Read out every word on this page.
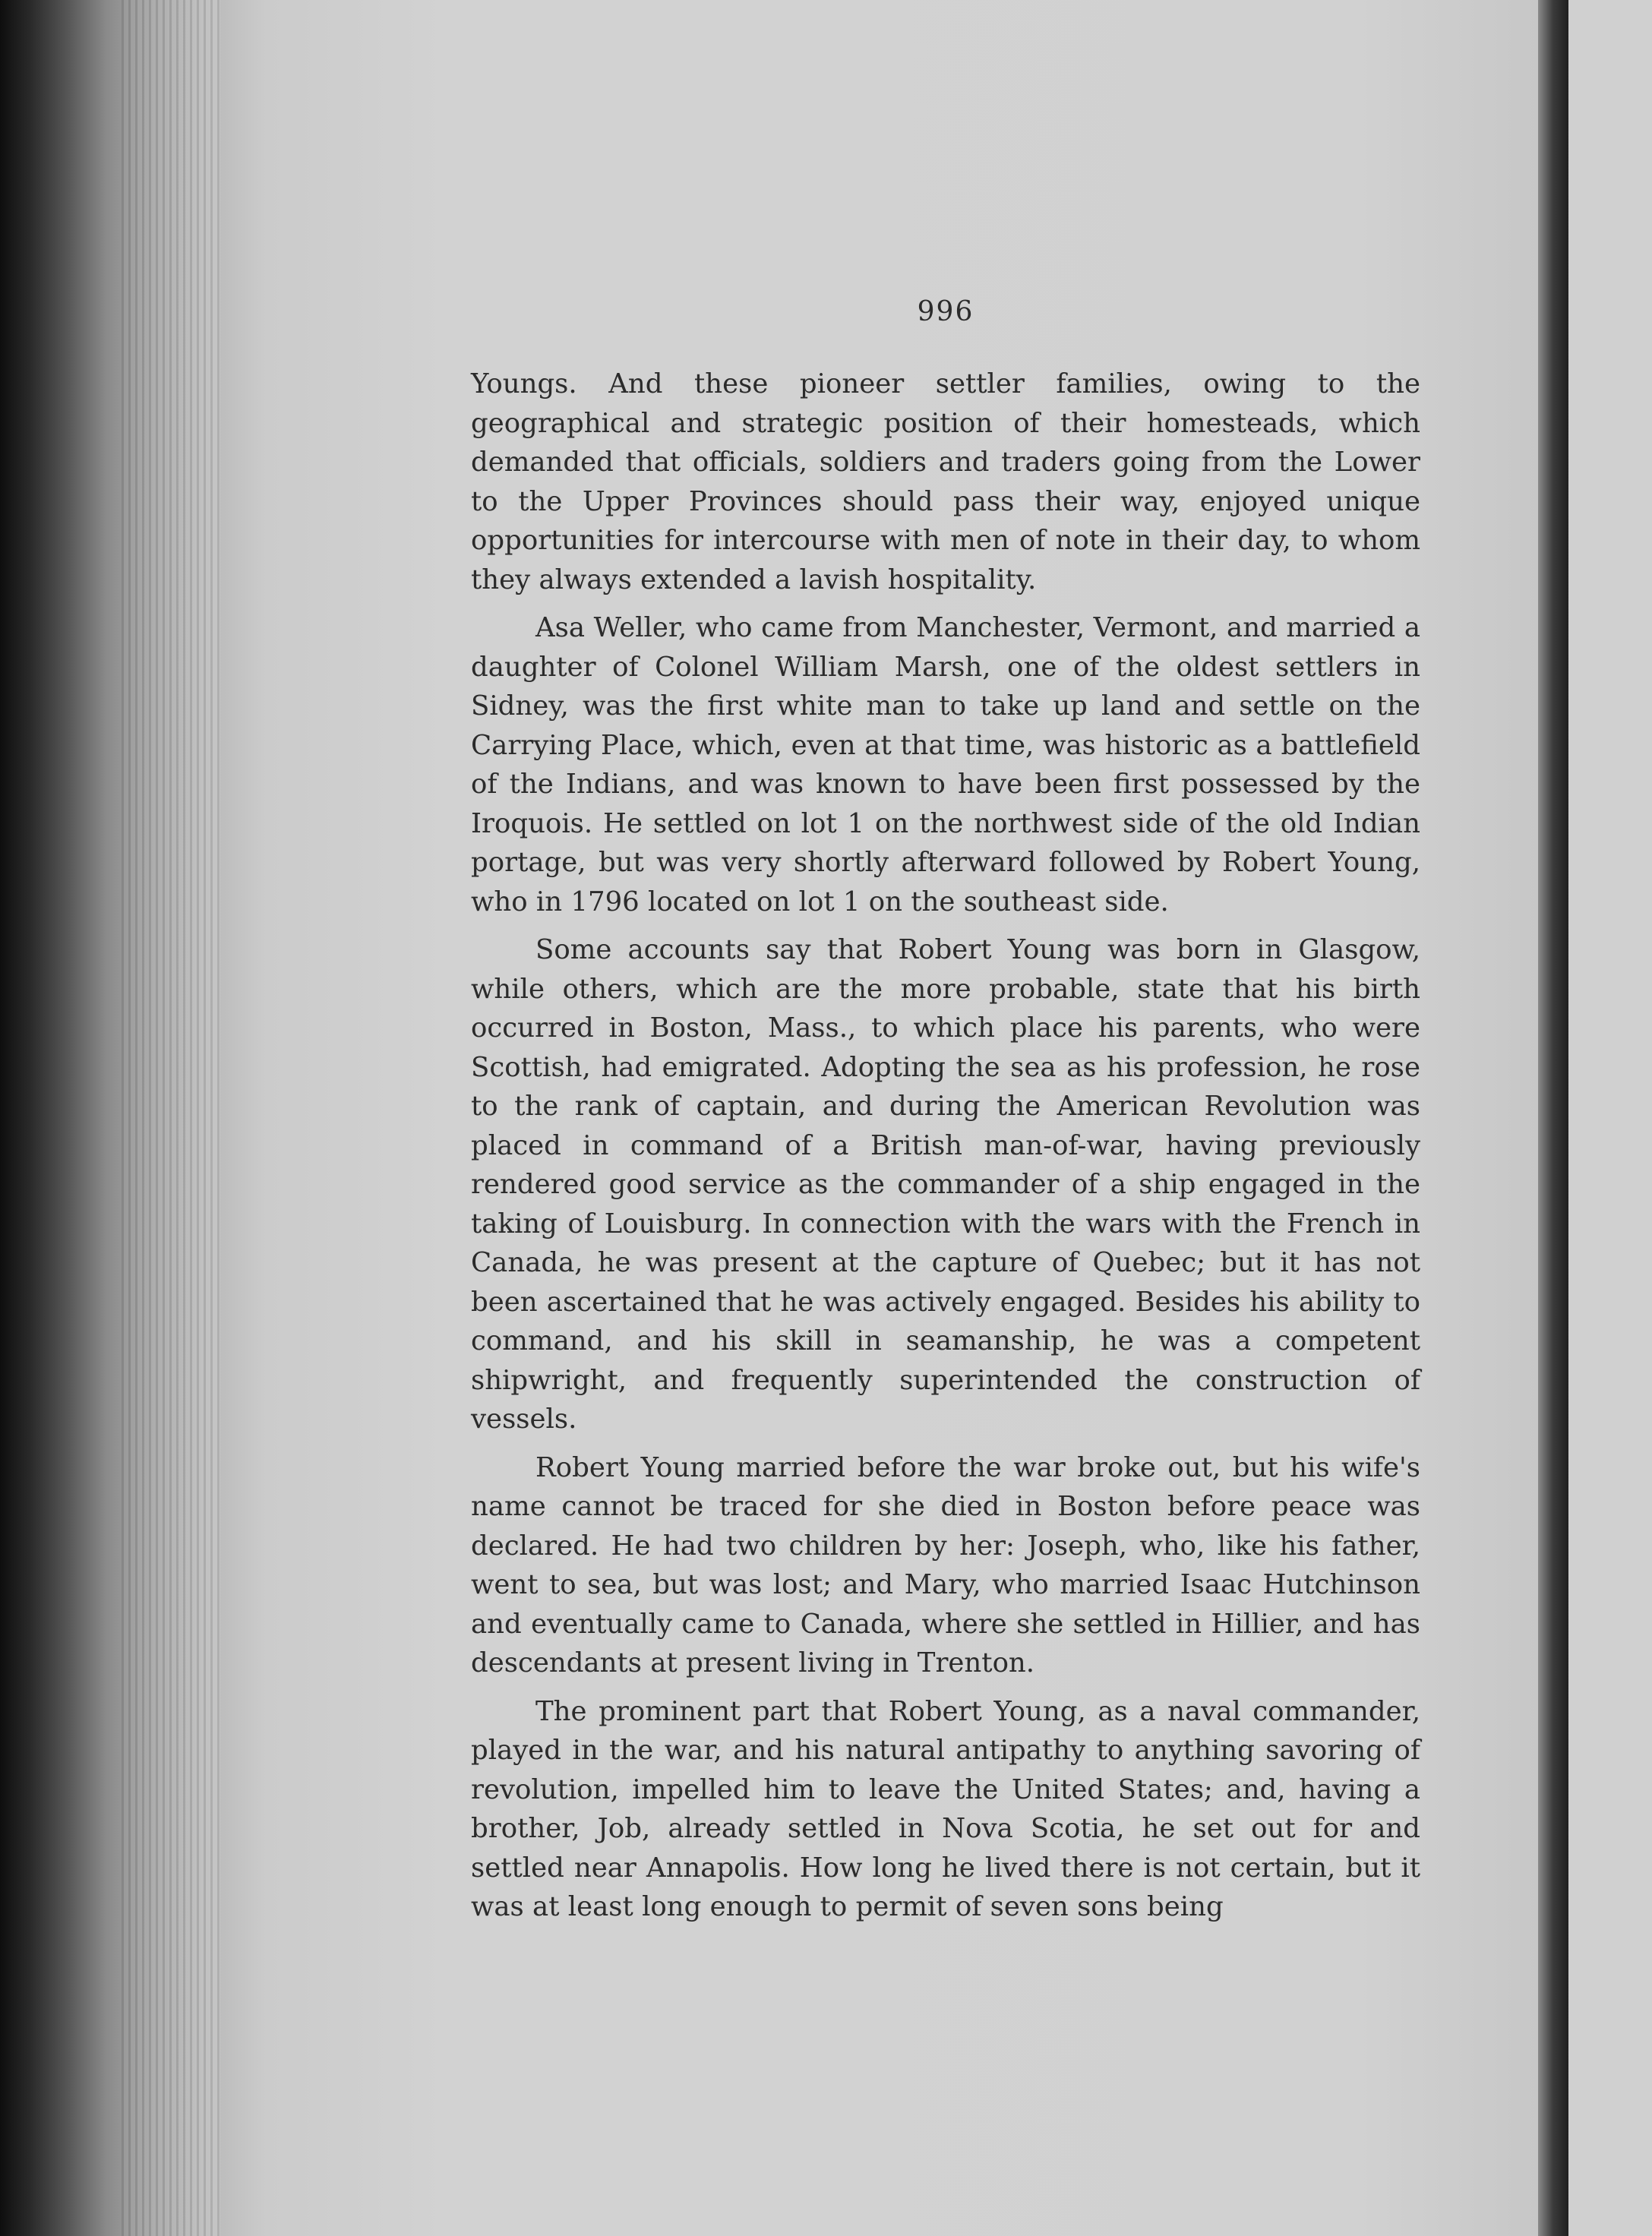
996

Youngs. And these pioneer settler families, owing to the geographical and strategic position of their homesteads, which demanded that officials, soldiers and traders going from the Lower to the Upper Provinces should pass their way, enjoyed unique opportunities for intercourse with men of note in their day, to whom they always extended a lavish hospitality.

Asa Weller, who came from Manchester, Vermont, and married a daughter of Colonel William Marsh, one of the oldest settlers in Sidney, was the first white man to take up land and settle on the Carrying Place, which, even at that time, was historic as a battlefield of the Indians, and was known to have been first possessed by the Iroquois. He settled on lot 1 on the northwest side of the old Indian portage, but was very shortly afterward followed by Robert Young, who in 1796 located on lot 1 on the southeast side.

Some accounts say that Robert Young was born in Glasgow, while others, which are the more probable, state that his birth occurred in Boston, Mass., to which place his parents, who were Scottish, had emigrated. Adopting the sea as his profession, he rose to the rank of captain, and during the American Revolution was placed in command of a British man-of-war, having previously rendered good service as the commander of a ship engaged in the taking of Louisburg. In connection with the wars with the French in Canada, he was present at the capture of Quebec; but it has not been ascertained that he was actively engaged. Besides his ability to command, and his skill in seamanship, he was a competent shipwright, and frequently superintended the construction of vessels.

Robert Young married before the war broke out, but his wife's name cannot be traced for she died in Boston before peace was declared. He had two children by her: Joseph, who, like his father, went to sea, but was lost; and Mary, who married Isaac Hutchinson and eventually came to Canada, where she settled in Hillier, and has descendants at present living in Trenton.

The prominent part that Robert Young, as a naval commander, played in the war, and his natural antipathy to anything savoring of revolution, impelled him to leave the United States; and, having a brother, Job, already settled in Nova Scotia, he set out for and settled near Annapolis. How long he lived there is not certain, but it was at least long enough to permit of seven sons being
